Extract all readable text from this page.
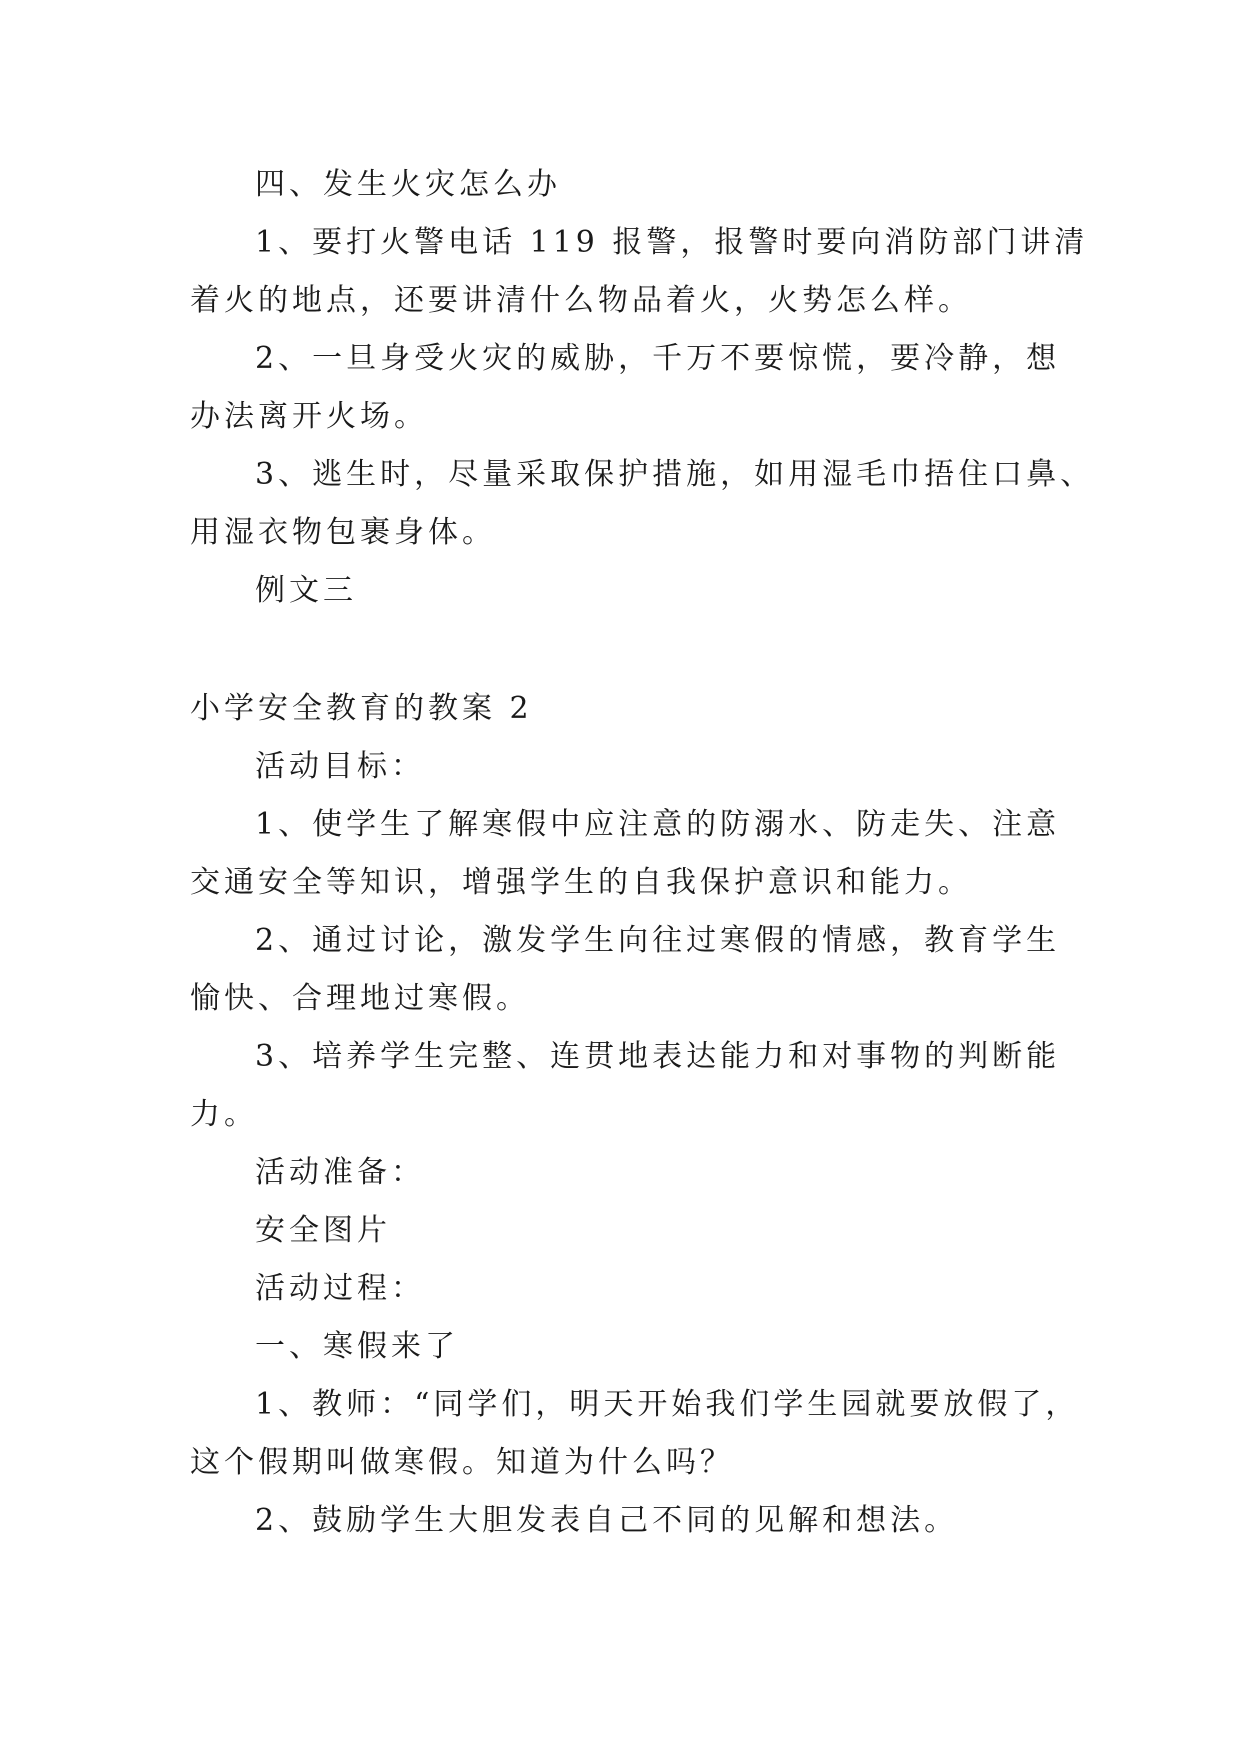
四、发生火灾怎么办
1、要打火警电话 119 报警，报警时要向消防部门讲清
着火的地点，还要讲清什么物品着火，火势怎么样。
2、一旦身受火灾的威胁，千万不要惊慌，要冷静，想
办法离开火场。
3、逃生时，尽量采取保护措施，如用湿毛巾捂住口鼻、
用湿衣物包裹身体。
例文三
小学安全教育的教案 2
活动目标：
1、使学生了解寒假中应注意的防溺水、防走失、注意
交通安全等知识，增强学生的自我保护意识和能力。
2、通过讨论，激发学生向往过寒假的情感，教育学生
愉快、合理地过寒假。
3、培养学生完整、连贯地表达能力和对事物的判断能
力。
活动准备：
安全图片
活动过程：
一、寒假来了
1、教师：“同学们，明天开始我们学生园就要放假了，
这个假期叫做寒假。知道为什么吗？
2、鼓励学生大胆发表自己不同的见解和想法。
